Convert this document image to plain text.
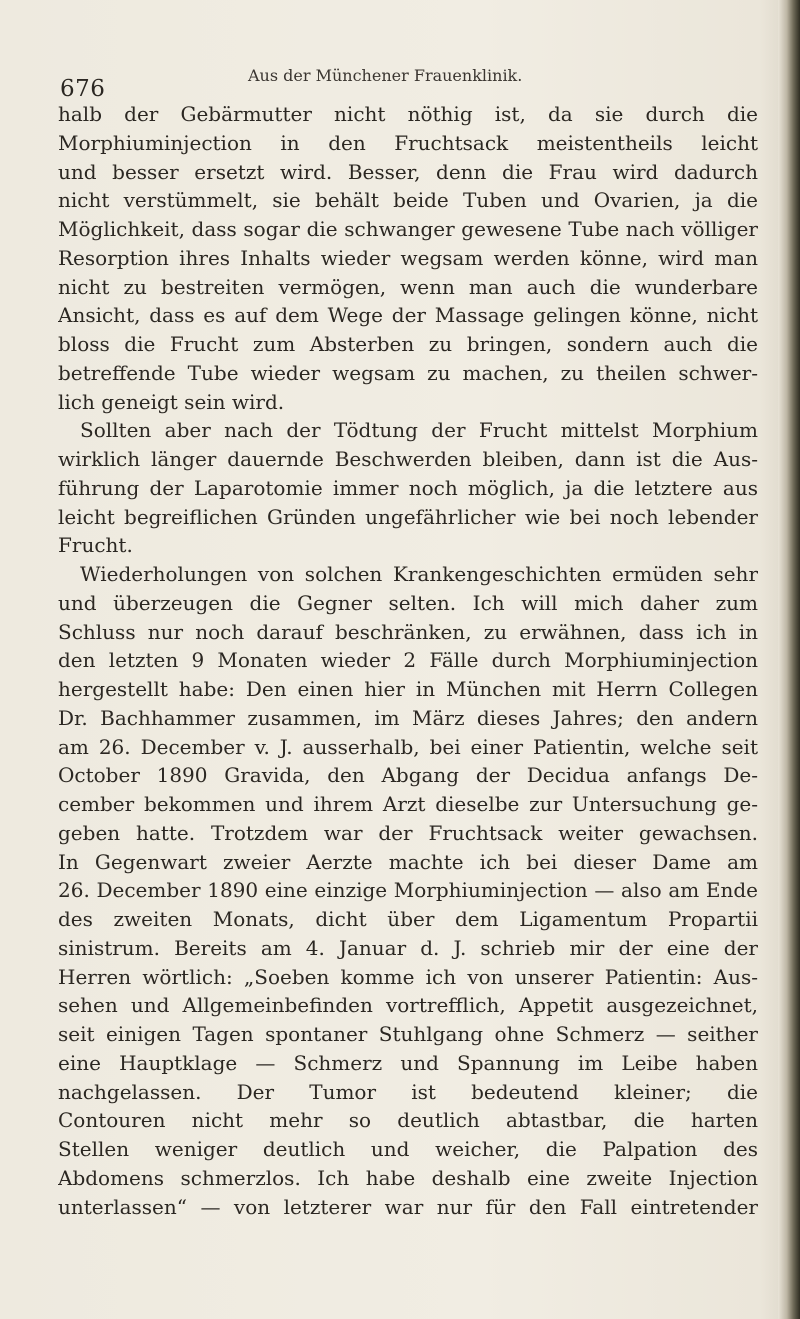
676
Aus der Münchener Frauenklinik.
halb der Gebärmutter nicht nöthig ist, da sie durch die
Morphiuminjection in den Fruchtsack meistentheils leicht
und besser ersetzt wird. Besser, denn die Frau wird dadurch
nicht verstümmelt, sie behält beide Tuben und Ovarien, ja die
Möglichkeit, dass sogar die schwanger gewesene Tube nach völliger
Resorption ihres Inhalts wieder wegsam werden könne, wird man
nicht zu bestreiten vermögen, wenn man auch die wunderbare
Ansicht, dass es auf dem Wege der Massage gelingen könne, nicht
bloss die Frucht zum Absterben zu bringen, sondern auch die
betreffende Tube wieder wegsam zu machen, zu theilen schwer-
lich geneigt sein wird.
Sollten aber nach der Tödtung der Frucht mittelst Morphium
wirklich länger dauernde Beschwerden bleiben, dann ist die Aus-
führung der Laparotomie immer noch möglich, ja die letztere aus
leicht begreiflichen Gründen ungefährlicher wie bei noch lebender
Frucht.
Wiederholungen von solchen Krankengeschichten ermüden sehr
und überzeugen die Gegner selten. Ich will mich daher zum
Schluss nur noch darauf beschränken, zu erwähnen, dass ich in
den letzten 9 Monaten wieder 2 Fälle durch Morphiuminjection
hergestellt habe: Den einen hier in München mit Herrn Collegen
Dr. Bachhammer zusammen, im März dieses Jahres; den andern
am 26. December v. J. ausserhalb, bei einer Patientin, welche seit
October 1890 Gravida, den Abgang der Decidua anfangs De-
cember bekommen und ihrem Arzt dieselbe zur Untersuchung ge-
geben hatte. Trotzdem war der Fruchtsack weiter gewachsen.
In Gegenwart zweier Aerzte machte ich bei dieser Dame am
26. December 1890 eine einzige Morphiuminjection — also am Ende
des zweiten Monats, dicht über dem Ligamentum Propartii
sinistrum. Bereits am 4. Januar d. J. schrieb mir der eine der
Herren wörtlich: „Soeben komme ich von unserer Patientin: Aus-
sehen und Allgemeinbefinden vortrefflich, Appetit ausgezeichnet,
seit einigen Tagen spontaner Stuhlgang ohne Schmerz — seither
eine Hauptklage — Schmerz und Spannung im Leibe haben
nachgelassen. Der Tumor ist bedeutend kleiner; die
Contouren nicht mehr so deutlich abtastbar, die harten
Stellen weniger deutlich und weicher, die Palpation des
Abdomens schmerzlos. Ich habe deshalb eine zweite Injection
unterlassen“ — von letzterer war nur für den Fall eintretender
